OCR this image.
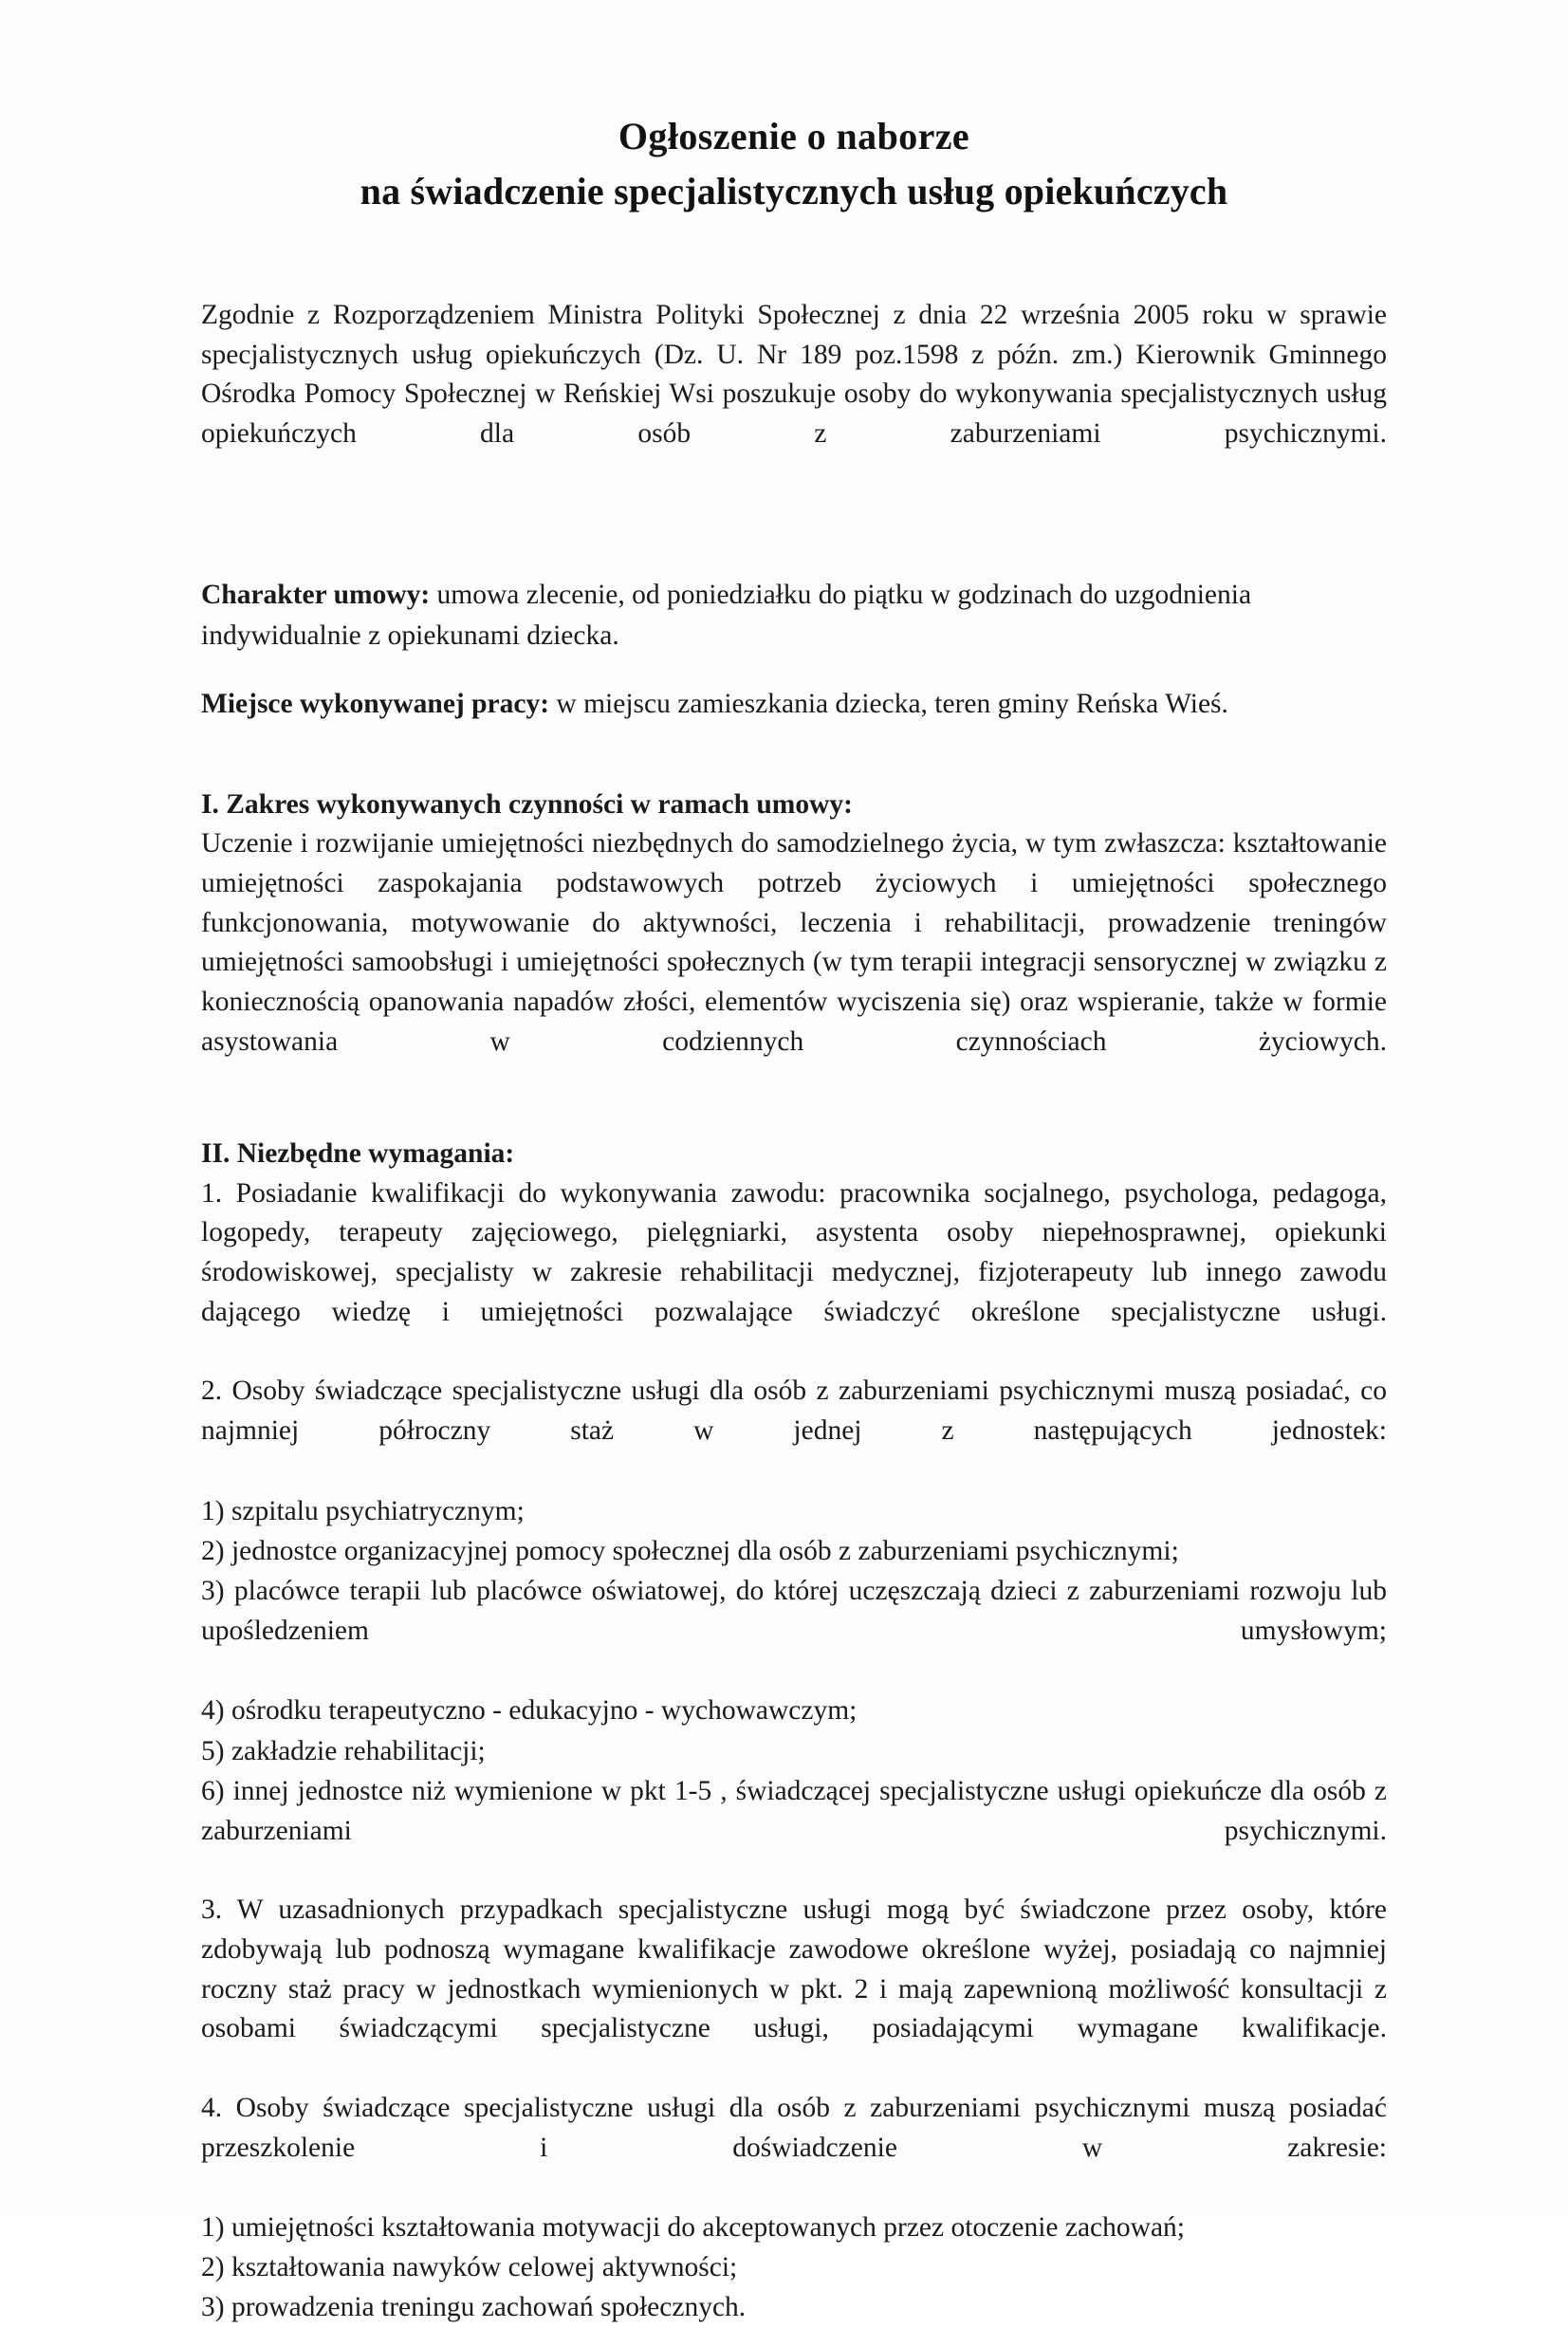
Ogłoszenie o naborze
na świadczenie specjalistycznych usług opiekuńczych

Zgodnie z Rozporządzeniem Ministra Polityki Społecznej z dnia 22 września 2005 roku w sprawie specjalistycznych usług opiekuńczych (Dz. U. Nr 189 poz.1598 z późn. zm.) Kierownik Gminnego Ośrodka Pomocy Społecznej w Reńskiej Wsi poszukuje osoby do wykonywania specjalistycznych usług opiekuńczych dla osób z zaburzeniami psychicznymi.

Charakter umowy: umowa zlecenie, od poniedziałku do piątku w godzinach do uzgodnienia indywidualnie z opiekunami dziecka.

Miejsce wykonywanej pracy: w miejscu zamieszkania dziecka, teren gminy Reńska Wieś.

I. Zakres wykonywanych czynności w ramach umowy:

Uczenie i rozwijanie umiejętności niezbędnych do samodzielnego życia, w tym zwłaszcza: kształtowanie umiejętności zaspokajania podstawowych potrzeb życiowych i umiejętności społecznego funkcjonowania, motywowanie do aktywności, leczenia i rehabilitacji, prowadzenie treningów umiejętności samoobsługi i umiejętności społecznych (w tym terapii integracji sensorycznej w związku z koniecznością opanowania napadów złości, elementów wyciszenia się) oraz wspieranie, także w formie asystowania w codziennych czynnościach życiowych.

II. Niezbędne wymagania:

1. Posiadanie kwalifikacji do wykonywania zawodu: pracownika socjalnego, psychologa, pedagoga, logopedy, terapeuty zajęciowego, pielęgniarki, asystenta osoby niepełnosprawnej, opiekunki środowiskowej, specjalisty w zakresie rehabilitacji medycznej, fizjoterapeuty lub innego zawodu dającego wiedzę i umiejętności pozwalające świadczyć określone specjalistyczne usługi.

2. Osoby świadczące specjalistyczne usługi dla osób z zaburzeniami psychicznymi muszą posiadać, co najmniej półroczny staż w jednej z następujących jednostek:

1) szpitalu psychiatrycznym;

2) jednostce organizacyjnej pomocy społecznej dla osób z zaburzeniami psychicznymi;

3) placówce terapii lub placówce oświatowej, do której uczęszczają dzieci z zaburzeniami rozwoju lub upośledzeniem umysłowym;

4) ośrodku terapeutyczno - edukacyjno - wychowawczym;

5) zakładzie rehabilitacji;

6) innej jednostce niż wymienione w pkt 1-5 , świadczącej specjalistyczne usługi opiekuńcze dla osób z zaburzeniami psychicznymi.

3. W uzasadnionych przypadkach specjalistyczne usługi mogą być świadczone przez osoby, które zdobywają lub podnoszą wymagane kwalifikacje zawodowe określone wyżej, posiadają co najmniej roczny staż pracy w jednostkach wymienionych w pkt. 2 i mają zapewnioną możliwość konsultacji z osobami świadczącymi specjalistyczne usługi, posiadającymi wymagane kwalifikacje.

4. Osoby świadczące specjalistyczne usługi dla osób z zaburzeniami psychicznymi muszą posiadać przeszkolenie i doświadczenie w zakresie:

1) umiejętności kształtowania motywacji do akceptowanych przez otoczenie zachowań;

2) kształtowania nawyków celowej aktywności;

3) prowadzenia treningu zachowań społecznych.
